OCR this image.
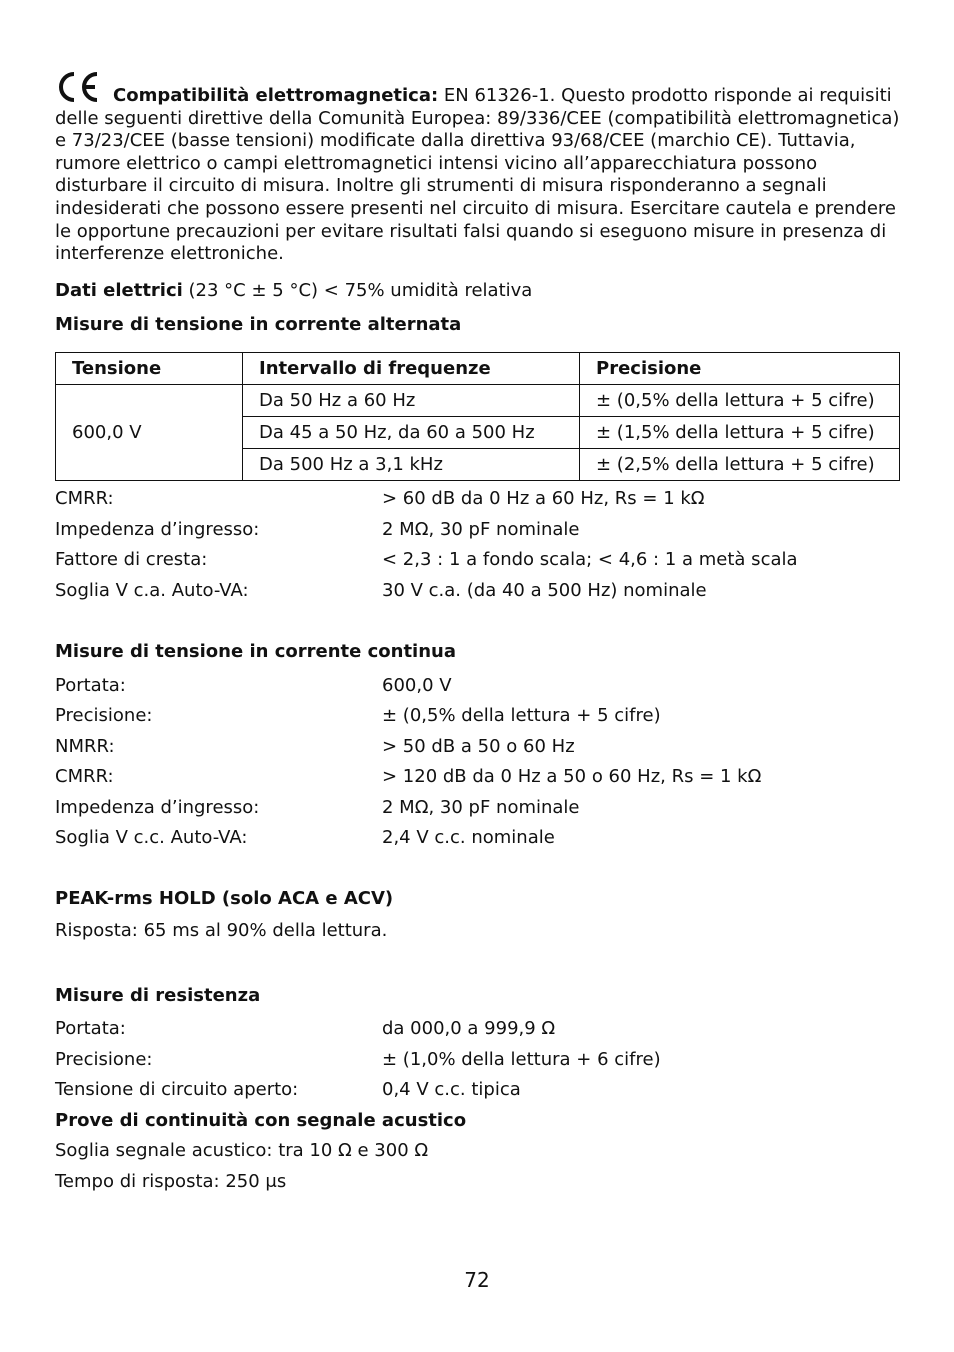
Compatibilità elettromagnetica: EN 61326-1. Questo prodotto risponde ai requisiti delle seguenti direttive della Comunità Europea: 89/336/CEE (compatibilità elettromagnetica) e 73/23/CEE (basse tensioni) modificate dalla direttiva 93/68/CEE (marchio CE). Tuttavia, rumore elettrico o campi elettromagnetici intensi vicino all’apparecchiatura possono disturbare il circuito di misura. Inoltre gli strumenti di misura risponderanno a segnali indesiderati che possono essere presenti nel circuito di misura. Esercitare cautela e prendere le opportune precauzioni per evitare risultati falsi quando si eseguono misure in presenza di interferenze elettroniche.
Dati elettrici (23 °C ± 5 °C) < 75% umidità relativa
Misure di tensione in corrente alternata
Tensione	Intervallo di frequenze	Precisione
600,0 V	Da 50 Hz a 60 Hz	± (0,5% della lettura + 5 cifre)
	Da 45 a 50 Hz, da 60 a 500 Hz	± (1,5% della lettura + 5 cifre)
	Da 500 Hz a 3,1 kHz	± (2,5% della lettura + 5 cifre)
CMRR:	> 60 dB da 0 Hz a 60 Hz, Rs = 1 kΩ
Impedenza d’ingresso:	2 MΩ, 30 pF nominale
Fattore di cresta:	< 2,3 : 1 a fondo scala; < 4,6 : 1 a metà scala
Soglia V c.a. Auto-VA:	30 V c.a. (da 40 a 500 Hz) nominale
Misure di tensione in corrente continua
Portata:	600,0 V
Precisione:	± (0,5% della lettura + 5 cifre)
NMRR:	> 50 dB a 50 o 60 Hz
CMRR:	> 120 dB da 0 Hz a 50 o 60 Hz, Rs = 1 kΩ
Impedenza d’ingresso:	2 MΩ, 30 pF nominale
Soglia V c.c. Auto-VA:	2,4 V c.c. nominale
PEAK-rms HOLD (solo ACA e ACV)
Risposta: 65 ms al 90% della lettura.
Misure di resistenza
Portata:	da 000,0 a 999,9 Ω
Precisione:	± (1,0% della lettura + 6 cifre)
Tensione di circuito aperto:	0,4 V c.c. tipica
Prove di continuità con segnale acustico
Soglia segnale acustico: tra 10 Ω e 300 Ω
Tempo di risposta: 250 μs
72
